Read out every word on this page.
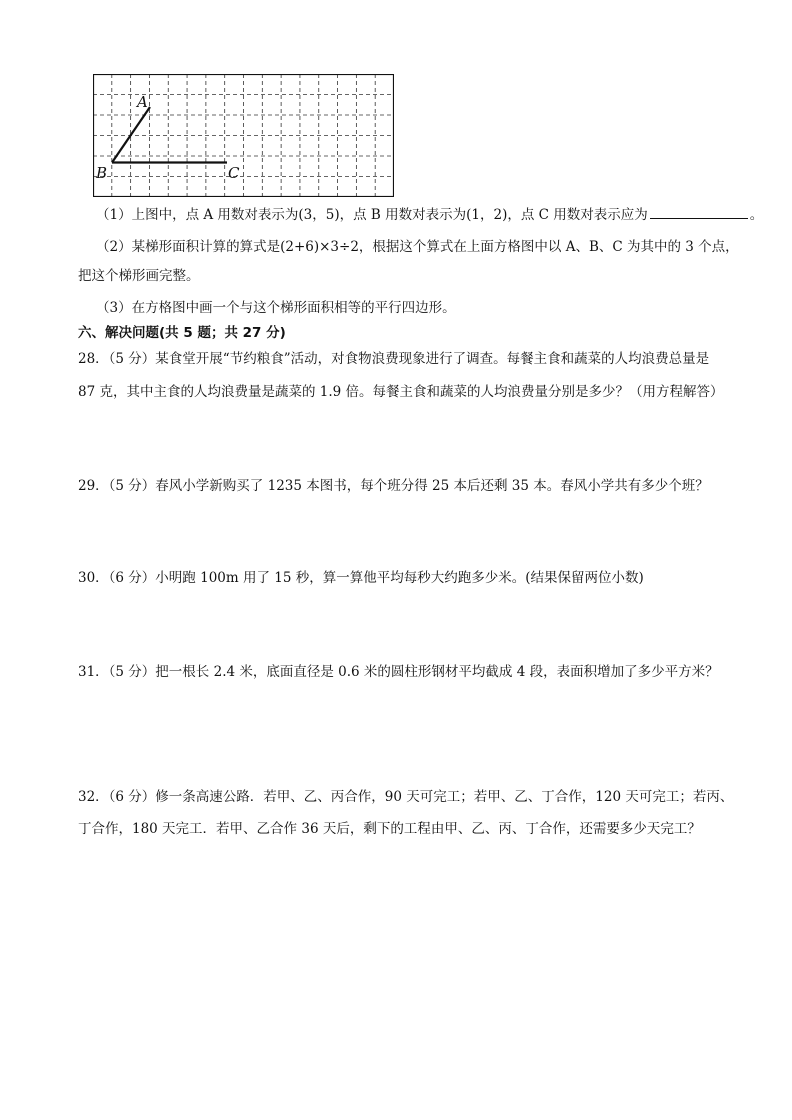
A
B	C
（1）上图中，点 A 用数对表示为(3，5)，点 B 用数对表示为(1，2)，点 C 用数对表示应为	。
（2）某梯形面积计算的算式是(2+6)×3÷2，根据这个算式在上面方格图中以 A、B、C 为其中的 3 个点，
把这个梯形画完整。
（3）在方格图中画一个与这个梯形面积相等的平行四边形。
六、解决问题(共 5 题；共 27 分)
28．（5 分）某食堂开展“节约粮食”活动，对食物浪费现象进行了调查。每餐主食和蔬菜的人均浪费总量是
87 克，其中主食的人均浪费量是蔬菜的 1.9 倍。每餐主食和蔬菜的人均浪费量分别是多少？（用方程解答）
29．（5 分）春风小学新购买了 1235 本图书，每个班分得 25 本后还剩 35 本。春风小学共有多少个班？
30．（6 分）小明跑 100m 用了 15 秒，算一算他平均每秒大约跑多少米。(结果保留两位小数)
31．（5 分）把一根长 2.4 米，底面直径是 0.6 米的圆柱形钢材平均截成 4 段，表面积增加了多少平方米？
32．（6 分）修一条高速公路．若甲、乙、丙合作，90 天可完工；若甲、乙、丁合作，120 天可完工；若丙、
丁合作，180 天完工．若甲、乙合作 36 天后，剩下的工程由甲、乙、丙、丁合作，还需要多少天完工？
